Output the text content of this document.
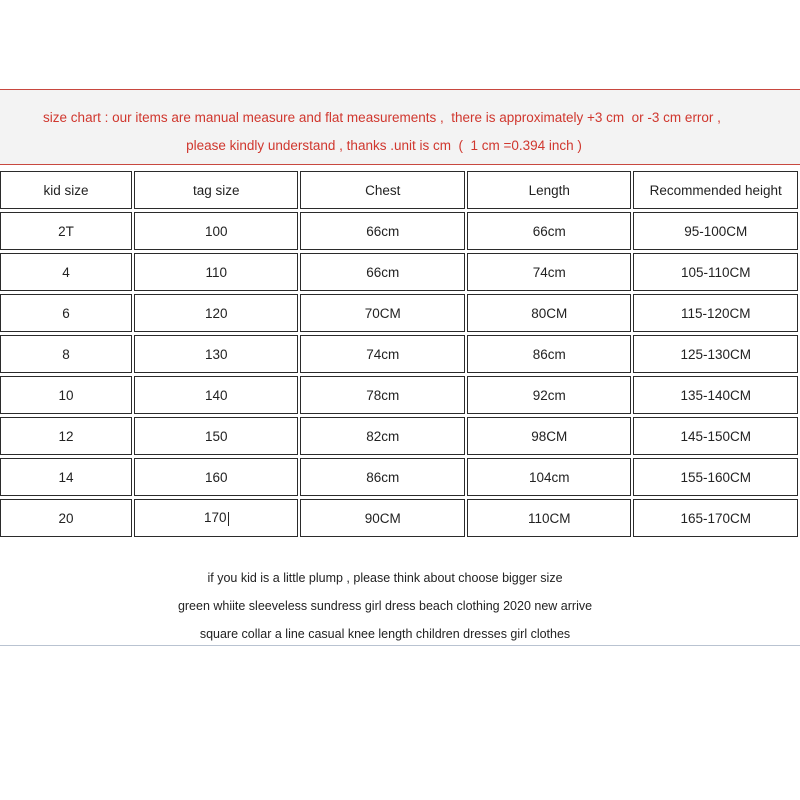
size chart : our items are manual measure and flat measurements ,  there is approximately +3 cm  or -3 cm error ,
please kindly understand , thanks .unit is cm  (  1 cm =0.394 inch )
kid size	tag size	Chest	Length	Recommended height
2T	100	66cm	66cm	95-100CM
4	110	66cm	74cm	105-110CM
6	120	70CM	80CM	115-120CM
8	130	74cm	86cm	125-130CM
10	140	78cm	92cm	135-140CM
12	150	82cm	98CM	145-150CM
14	160	86cm	104cm	155-160CM
20	170	90CM	110CM	165-170CM
if you kid is a little plump , please think about choose bigger size
green whiite sleeveless sundress girl dress beach clothing 2020 new arrive
square collar a line casual knee length children dresses girl clothes
